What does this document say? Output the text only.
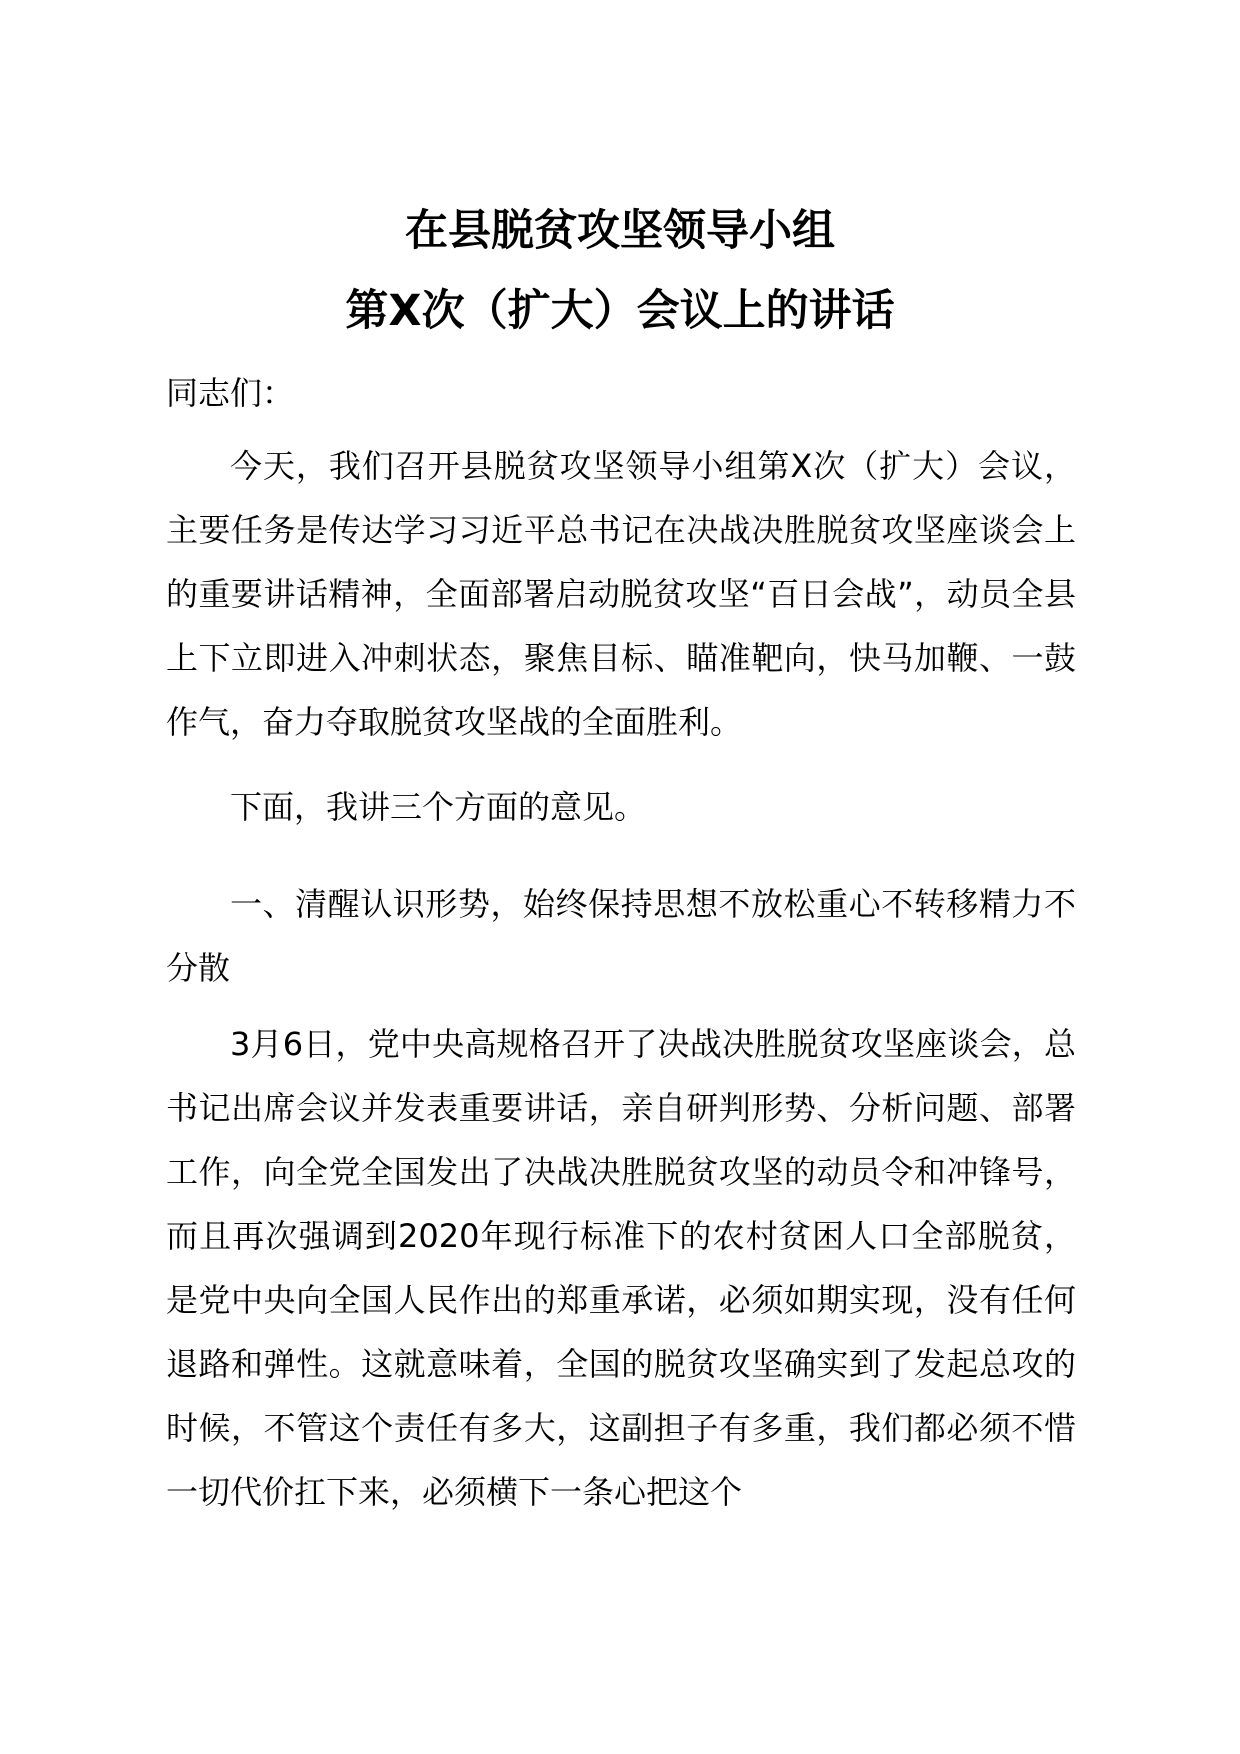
在县脱贫攻坚领导小组
第X次（扩大）会议上的讲话

同志们：

今天，我们召开县脱贫攻坚领导小组第X次（扩大）会议，主要任务是传达学习习近平总书记在决战决胜脱贫攻坚座谈会上的重要讲话精神，全面部署启动脱贫攻坚“百日会战”，动员全县上下立即进入冲刺状态，聚焦目标、瞄准靶向，快马加鞭、一鼓作气，奋力夺取脱贫攻坚战的全面胜利。

下面，我讲三个方面的意见。

一、清醒认识形势，始终保持思想不放松重心不转移精力不分散

3月6日，党中央高规格召开了决战决胜脱贫攻坚座谈会，总书记出席会议并发表重要讲话，亲自研判形势、分析问题、部署工作，向全党全国发出了决战决胜脱贫攻坚的动员令和冲锋号，而且再次强调到2020年现行标准下的农村贫困人口全部脱贫，是党中央向全国人民作出的郑重承诺，必须如期实现，没有任何退路和弹性。这就意味着，全国的脱贫攻坚确实到了发起总攻的时候，不管这个责任有多大，这副担子有多重，我们都必须不惜一切代价扛下来，必须横下一条心把这个
